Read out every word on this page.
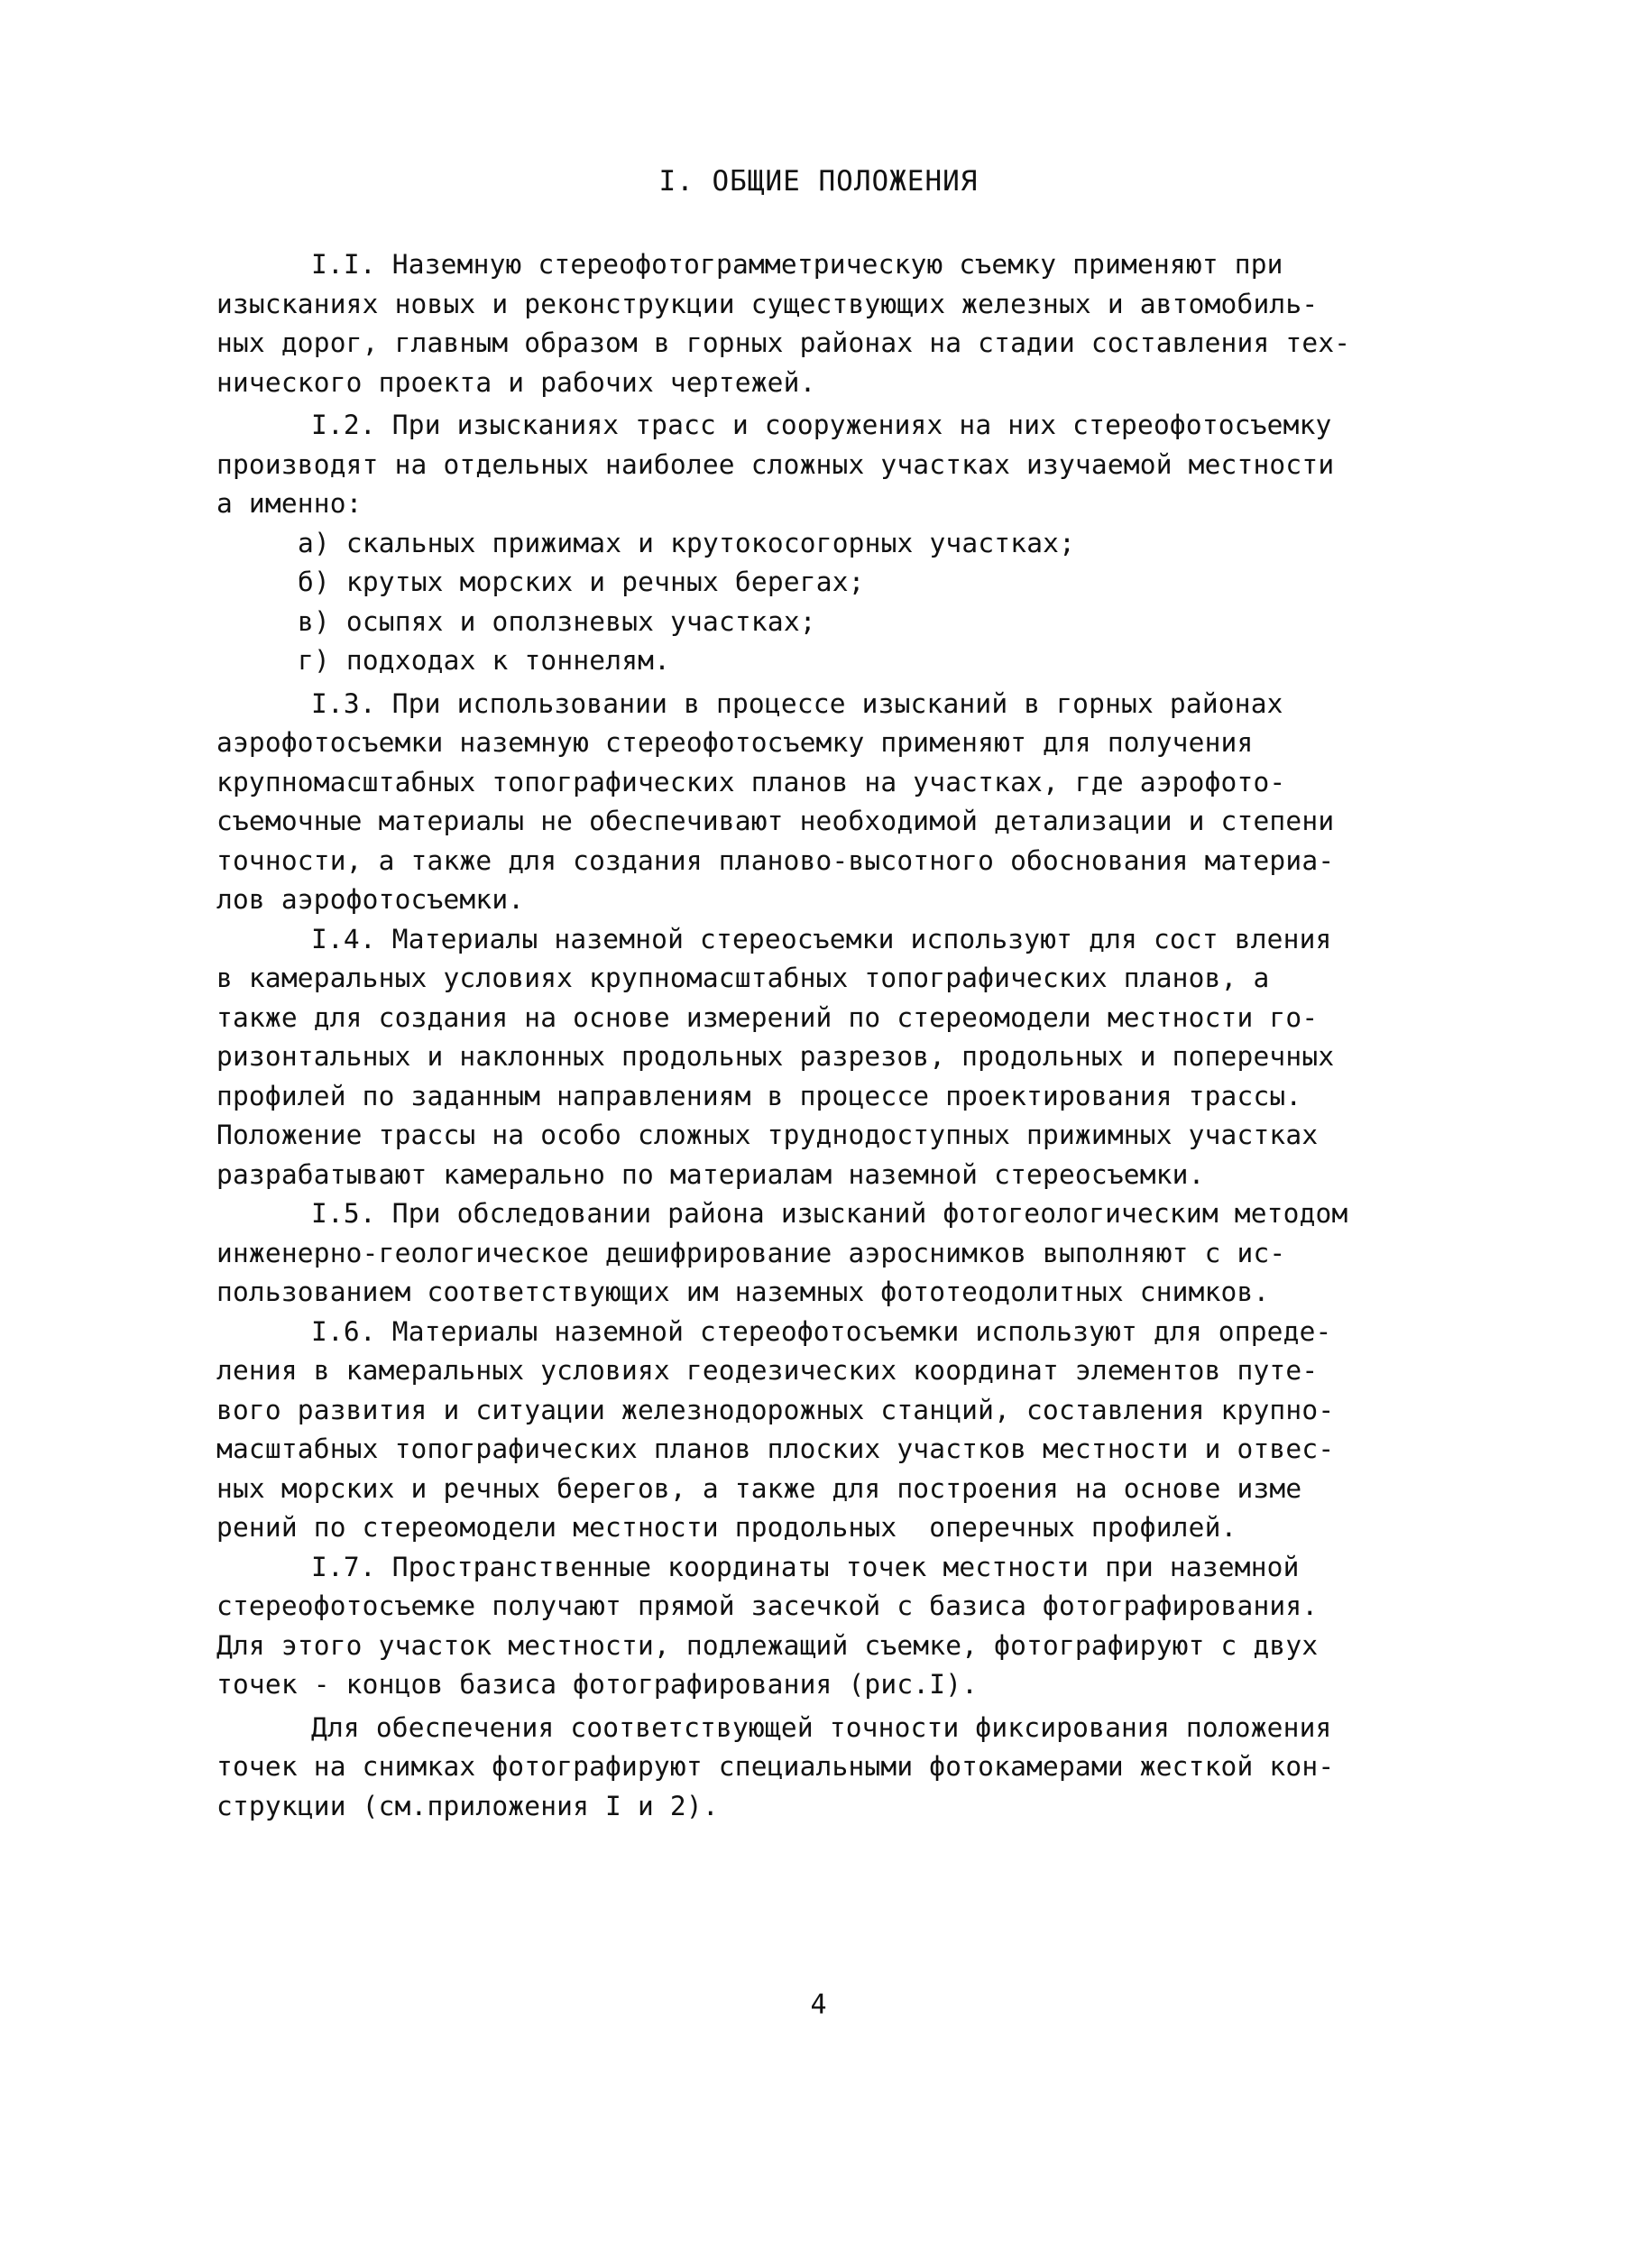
I. ОБЩИЕ ПОЛОЖЕНИЯ
I.I. Наземную стереофотограмметрическую съемку применяют при
изысканиях новых и реконструкции существующих железных и автомобиль-
ных дорог, главным образом в горных районах на стадии составления тех-
нического проекта и рабочих чертежей.
I.2. При изысканиях трасс и сооружениях на них стереофотосъемку
производят на отдельных наиболее сложных участках изучаемой местности
а именно:
а) скальных прижимах и крутокосогорных участках;
б) крутых морских и речных берегах;
в) осыпях и оползневых участках;
г) подходах к тоннелям.
I.3. При использовании в процессе изысканий в горных районах
аэрофотосъемки наземную стереофотосъемку применяют для получения
крупномасштабных топографических планов на участках, где аэрофото-
съемочные материалы не обеспечивают необходимой детализации и степени
точности, а также для создания планово-высотного обоснования материа-
лов аэрофотосъемки.
I.4. Материалы наземной стереосъемки используют для сост вления
в камеральных условиях крупномасштабных топографических планов, а
также для создания на основе измерений по стереомодели местности го-
ризонтальных и наклонных продольных разрезов, продольных и поперечных
профилей по заданным направлениям в процессе проектирования трассы.
Положение трассы на особо сложных труднодоступных прижимных участках
разрабатывают камерально по материалам наземной стереосъемки.
I.5. При обследовании района изысканий фотогеологическим методом
инженерно-геологическое дешифрирование аэроснимков выполняют с ис-
пользованием соответствующих им наземных фототеодолитных снимков.
I.6. Материалы наземной стереофотосъемки используют для опреде-
ления в камеральных условиях геодезических координат элементов путе-
вого развития и ситуации железнодорожных станций, составления крупно-
масштабных топографических планов плоских участков местности и отвес-
ных морских и речных берегов, а также для построения на основе изме
рений по стереомодели местности продольных  оперечных профилей.
I.7. Пространственные координаты точек местности при наземной
стереофотосъемке получают прямой засечкой с базиса фотографирования.
Для этого участок местности, подлежащий съемке, фотографируют с двух
точек - концов базиса фотографирования (рис.I).
Для обеспечения соответствующей точности фиксирования положения
точек на снимках фотографируют специальными фотокамерами жесткой кон-
струкции (см.приложения I и 2).
4
